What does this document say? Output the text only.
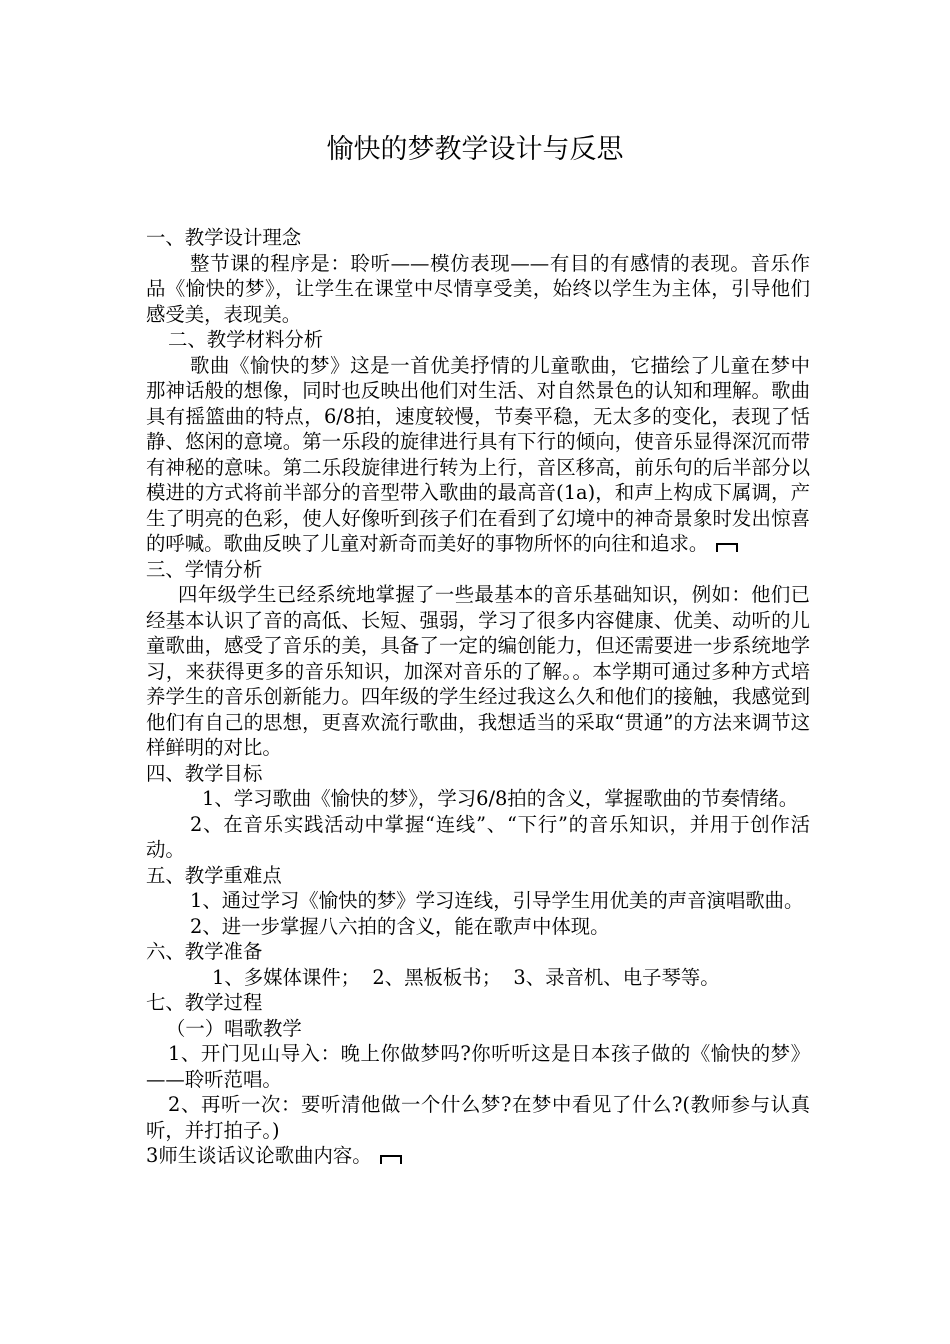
愉快的梦教学设计与反思

一、教学设计理念

整节课的程序是：聆听——模仿表现——有目的有感情的表现。音乐作品《愉快的梦》，让学生在课堂中尽情享受美，始终以学生为主体，引导他们感受美，表现美。

二、教学材料分析

歌曲《愉快的梦》这是一首优美抒情的儿童歌曲，它描绘了儿童在梦中那神话般的想像，同时也反映出他们对生活、对自然景色的认知和理解。歌曲具有摇篮曲的特点，6/8拍，速度较慢，节奏平稳，无太多的变化，表现了恬静、悠闲的意境。第一乐段的旋律进行具有下行的倾向，使音乐显得深沉而带有神秘的意味。第二乐段旋律进行转为上行，音区移高，前乐句的后半部分以模进的方式将前半部分的音型带入歌曲的最高音(1a)，和声上构成下属调，产生了明亮的色彩，使人好像听到孩子们在看到了幻境中的神奇景象时发出惊喜的呼喊。歌曲反映了儿童对新奇而美好的事物所怀的向往和追求。

三、学情分析

四年级学生已经系统地掌握了一些最基本的音乐基础知识，例如：他们已经基本认识了音的高低、长短、强弱，学习了很多内容健康、优美、动听的儿童歌曲，感受了音乐的美，具备了一定的编创能力，但还需要进一步系统地学习，来获得更多的音乐知识，加深对音乐的了解。。本学期可通过多种方式培养学生的音乐创新能力。四年级的学生经过我这么久和他们的接触，我感觉到他们有自己的思想，更喜欢流行歌曲，我想适当的采取“贯通”的方法来调节这样鲜明的对比。

四、教学目标

1、学习歌曲《愉快的梦》，学习6/8拍的含义，掌握歌曲的节奏情绪。

2、在音乐实践活动中掌握“连线”、“下行”的音乐知识，并用于创作活动。

五、教学重难点

1、通过学习《愉快的梦》学习连线，引导学生用优美的声音演唱歌曲。

2、进一步掌握八六拍的含义，能在歌声中体现。

六、教学准备

1、多媒体课件；  2、黑板板书；  3、录音机、电子琴等。

七、教学过程

（一）唱歌教学

1、开门见山导入：晚上你做梦吗?你听听这是日本孩子做的《愉快的梦》——聆听范唱。

2、再听一次：要听清他做一个什么梦?在梦中看见了什么?(教师参与认真听，并打拍子。)

3师生谈话议论歌曲内容。
